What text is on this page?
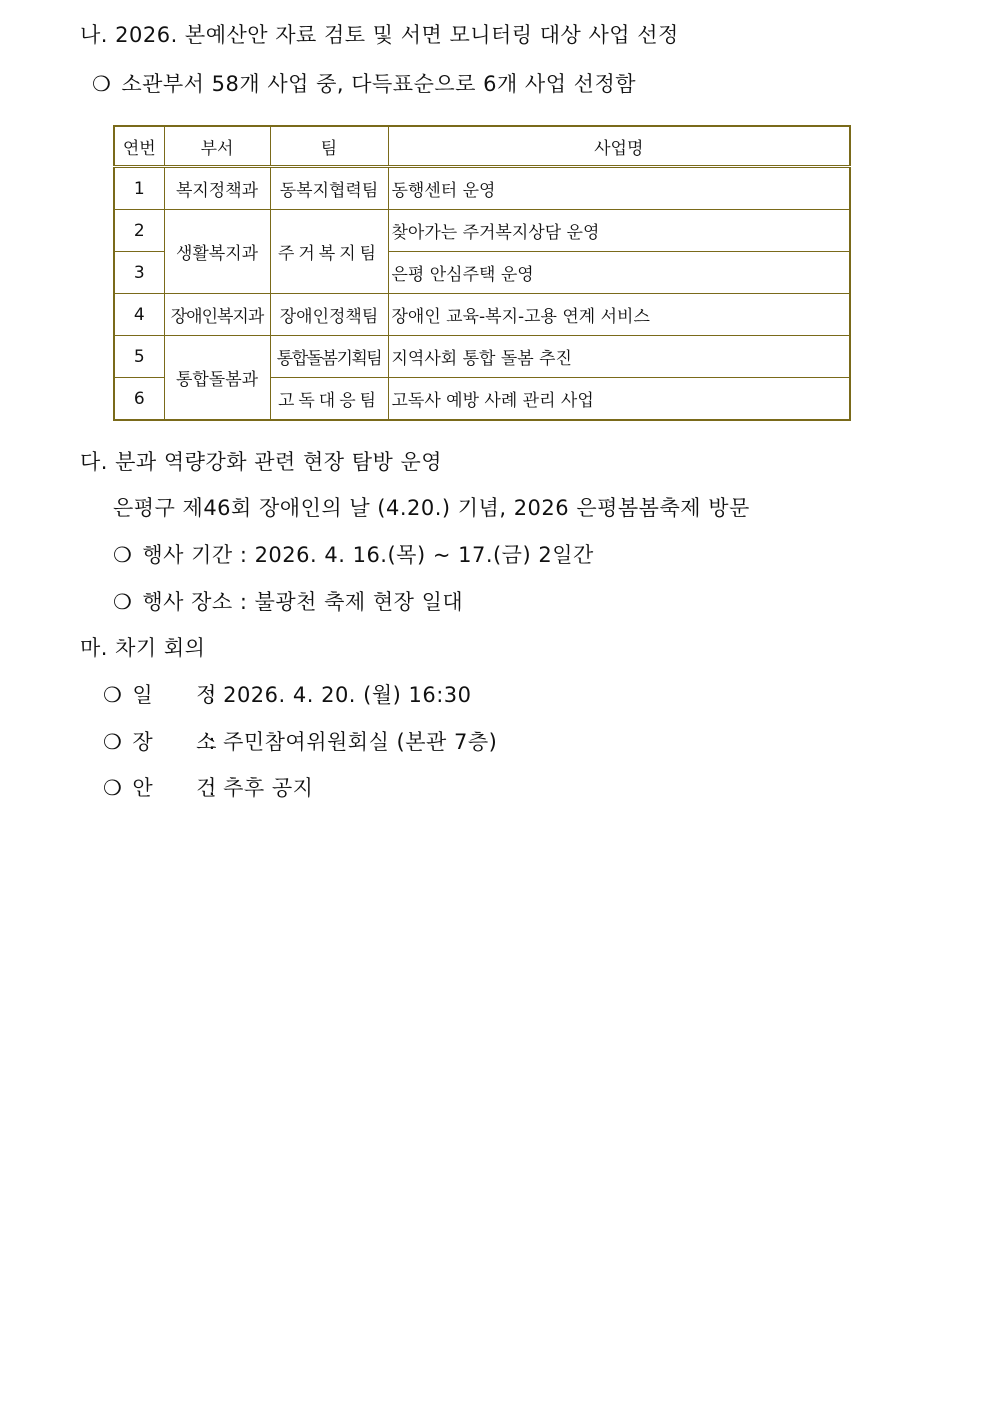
나. 2026. 본예산안 자료 검토 및 서면 모니터링 대상 사업 선정
❍ 소관부서 58개 사업 중, 다득표순으로 6개 사업 선정함
연번	부서	팀	사업명
1	복지정책과	동복지협력팀	동행센터 운영
2	생활복지과	주거복지팀	찾아가는 주거복지상담 운영
3			은평 안심주택 운영
4	장애인복지과	장애인정책팀	장애인 교육-복지-고용 연계 서비스
5	통합돌봄과	통합돌봄기획팀	지역사회 통합 돌봄 추진
6		고독대응팀	고독사 예방 사례 관리 사업
다. 분과 역량강화 관련 현장 탐방 운영
은평구 제46회 장애인의 날 (4.20.) 기념, 2026 은평봄봄축제 방문
❍ 행사 기간 : 2026. 4. 16.(목) ~ 17.(금) 2일간
❍ 행사 장소 : 불광천 축제 현장 일대
마. 차기 회의
❍ 일      정: 2026. 4. 20. (월) 16:30
❍ 장      소: 주민참여위원회실 (본관 7층)
❍ 안      건: 추후 공지
